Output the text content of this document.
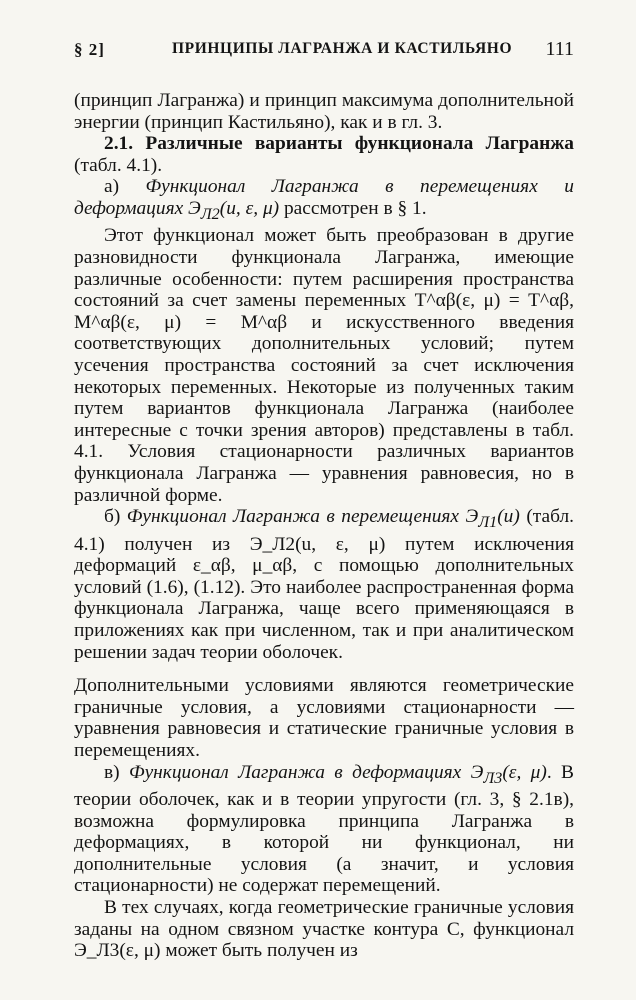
§ 2]	ПРИНЦИПЫ ЛАГРАНЖА И КАСТИЛЬЯНО 111

(принцип Лагранжа) и принцип максимума дополнительной энергии (принцип Кастильяно), как и в гл. 3.

2.1. Различные варианты функционала Лагранжа (табл. 4.1).

а) Функционал Лагранжа в перемещениях и деформациях $Э_{Л2}(u$, ε, μ) рассмотрен в § 1.

Этот функционал может быть преобразован в другие разновидности функционала Лагранжа, имеющие различные особенности: путем расширения пространства состояний за счет замены переменных T^αβ(ε, μ) = T^αβ, M^αβ(ε, μ) = M^αβ и искусственного введения соответствующих дополнительных условий; путем усечения пространства состояний за счет исключения некоторых переменных. Некоторые из полученных таким путем вариантов функционала Лагранжа (наиболее интересные с точки зрения авторов) представлены в табл. 4.1. Условия стационарности различных вариантов функционала Лагранжа — уравнения равновесия, но в различной форме.

б) Функционал Лагранжа в перемещениях $Э_{Л1}(u)$ (табл. 4.1) получен из Э_Л2(u, ε, μ) путем исключения деформаций ε_αβ, μ_αβ, с помощью дополнительных условий (1.6), (1.12). Это наиболее распространенная форма функционала Лагранжа, чаще всего применяющаяся в приложениях как при численном, так и при аналитическом решении задач теории оболочек.

Дополнительными условиями являются геометрические граничные условия, а условиями стационарности — уравнения равновесия и статические граничные условия в перемещениях.

в) Функционал Лагранжа в деформациях $Э_{Л3}(\varepsilon$, μ). В теории оболочек, как и в теории упругости (гл. 3, § 2.1в), возможна формулировка принципа Лагранжа в деформациях, в которой ни функционал, ни дополнительные условия (а значит, и условия стационарности) не содержат перемещений.

В тех случаях, когда геометрические граничные условия заданы на одном связном участке контура C, функционал Э_Л3(ε, μ) может быть получен из
